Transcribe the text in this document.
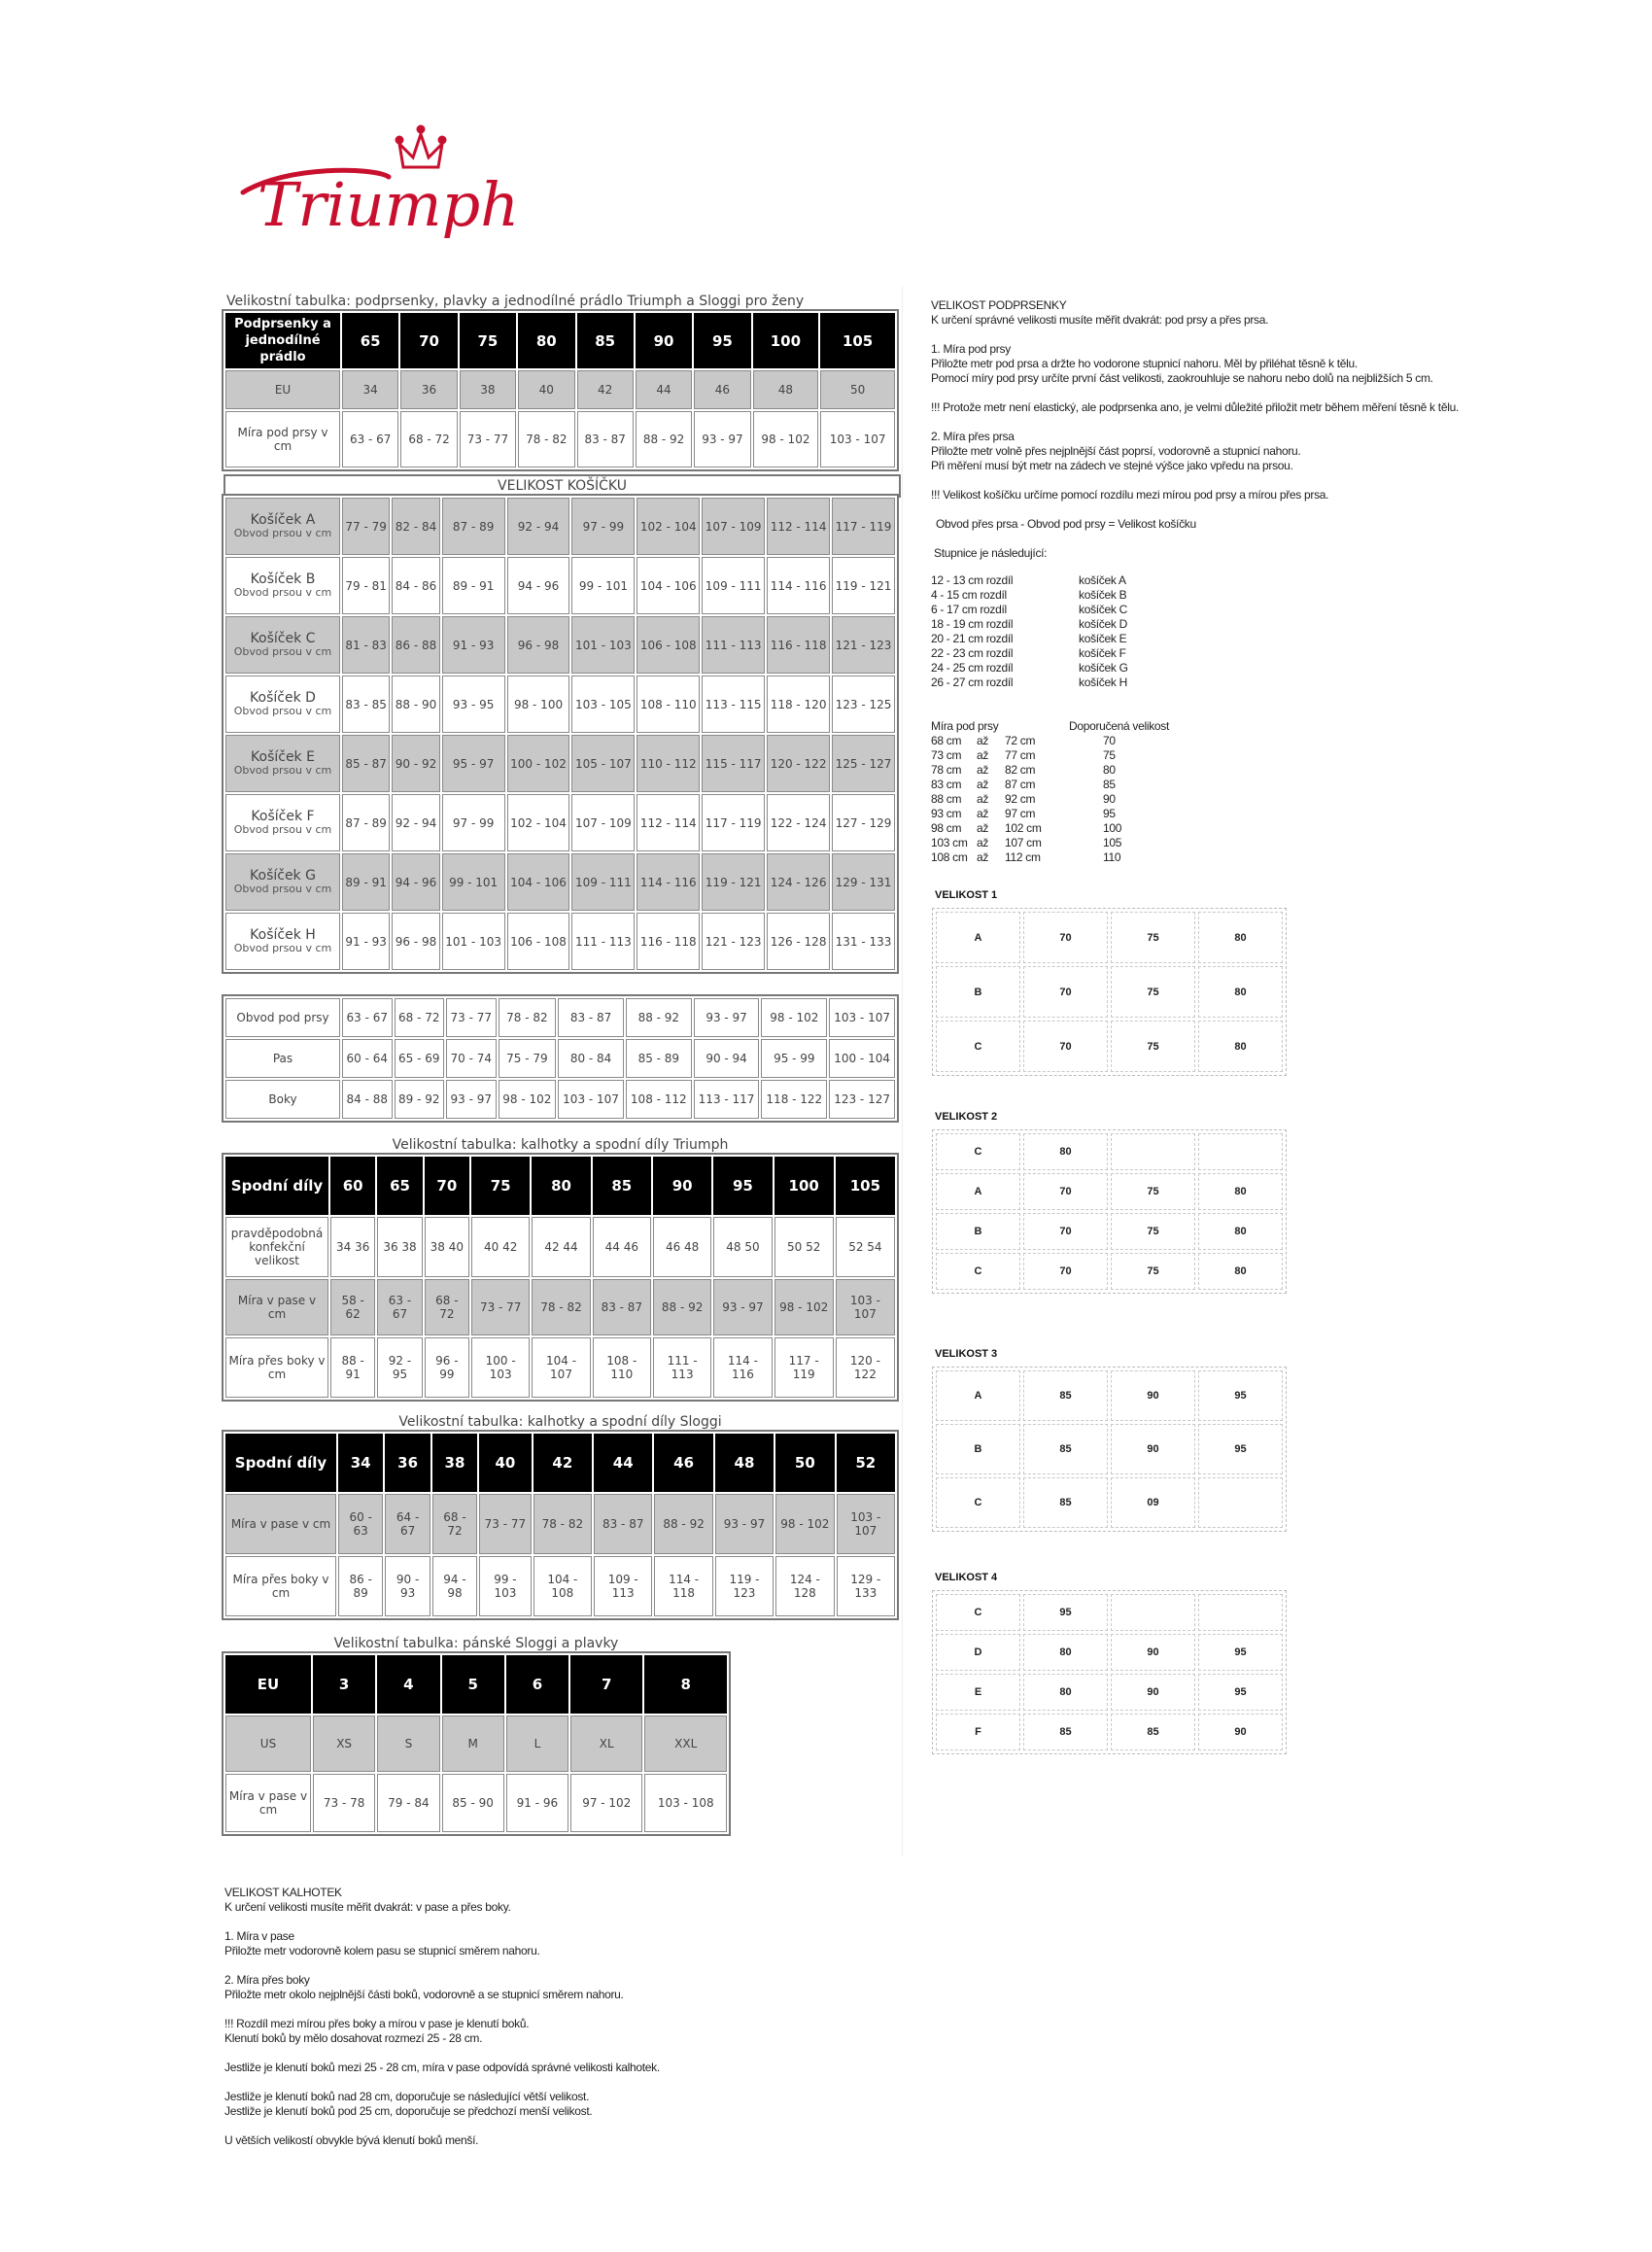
Triumph
Velikostní tabulka: podprsenky, plavky a jednodílné prádlo Triumph a Sloggi pro ženy
Podprsenky a jednodílné prádlo	65	70	75	80	85	90	95	100	105
EU	34	36	38	40	42	44	46	48	50
Míra pod prsy v cm	63 - 67	68 - 72	73 - 77	78 - 82	83 - 87	88 - 92	93 - 97	98 - 102	103 - 107
VELIKOST KOŠÍČKU
Košíček A
Obvod prsou v cm	77 - 79	82 - 84	87 - 89	92 - 94	97 - 99	102 - 104	107 - 109	112 - 114	117 - 119
Košíček B
Obvod prsou v cm	79 - 81	84 - 86	89 - 91	94 - 96	99 - 101	104 - 106	109 - 111	114 - 116	119 - 121
Košíček C
Obvod prsou v cm	81 - 83	86 - 88	91 - 93	96 - 98	101 - 103	106 - 108	111 - 113	116 - 118	121 - 123
Košíček D
Obvod prsou v cm	83 - 85	88 - 90	93 - 95	98 - 100	103 - 105	108 - 110	113 - 115	118 - 120	123 - 125
Košíček E
Obvod prsou v cm	85 - 87	90 - 92	95 - 97	100 - 102	105 - 107	110 - 112	115 - 117	120 - 122	125 - 127
Košíček F
Obvod prsou v cm	87 - 89	92 - 94	97 - 99	102 - 104	107 - 109	112 - 114	117 - 119	122 - 124	127 - 129
Košíček G
Obvod prsou v cm	89 - 91	94 - 96	99 - 101	104 - 106	109 - 111	114 - 116	119 - 121	124 - 126	129 - 131
Košíček H
Obvod prsou v cm	91 - 93	96 - 98	101 - 103	106 - 108	111 - 113	116 - 118	121 - 123	126 - 128	131 - 133
Obvod pod prsy	63 - 67	68 - 72	73 - 77	78 - 82	83 - 87	88 - 92	93 - 97	98 - 102	103 - 107
Pas	60 - 64	65 - 69	70 - 74	75 - 79	80 - 84	85 - 89	90 - 94	95 - 99	100 - 104
Boky	84 - 88	89 - 92	93 - 97	98 - 102	103 - 107	108 - 112	113 - 117	118 - 122	123 - 127
Velikostní tabulka: kalhotky a spodní díly Triumph
Spodní díly	60	65	70	75	80	85	90	95	100	105
pravděpodobná konfekční velikost	34 36	36 38	38 40	40 42	42 44	44 46	46 48	48 50	50 52	52 54
Míra v pase v cm	58 - 62	63 - 67	68 - 72	73 - 77	78 - 82	83 - 87	88 - 92	93 - 97	98 - 102	103 - 107
Míra přes boky v cm	88 - 91	92 - 95	96 - 99	100 - 103	104 - 107	108 - 110	111 - 113	114 - 116	117 - 119	120 - 122
Velikostní tabulka: kalhotky a spodní díly Sloggi
Spodní díly	34	36	38	40	42	44	46	48	50	52
Míra v pase v cm	60 - 63	64 - 67	68 - 72	73 - 77	78 - 82	83 - 87	88 - 92	93 - 97	98 - 102	103 - 107
Míra přes boky v cm	86 - 89	90 - 93	94 - 98	99 - 103	104 - 108	109 - 113	114 - 118	119 - 123	124 - 128	129 - 133
Velikostní tabulka: pánské Sloggi a plavky
EU	3	4	5	6	7	8
US	XS	S	M	L	XL	XXL
Míra v pase v cm	73 - 78	79 - 84	85 - 90	91 - 96	97 - 102	103 - 108

VELIKOST PODPRSENKY

K určení správné velikosti musíte měřit dvakrát: pod prsy a přes prsa.

1. Míra pod prsy

Přiložte metr pod prsa a držte ho vodorone stupnicí nahoru. Měl by přiléhat těsně k tělu.

Pomocí míry pod prsy určíte první část velikosti, zaokrouhluje se nahoru nebo dolů na nejbližších 5 cm.

!!! Protože metr není elastický, ale podprsenka ano, je velmi důležité přiložit metr během měření těsně k tělu.

2. Míra přes prsa

Přiložte metr volně přes nejplnější část poprsí, vodorovně a stupnicí nahoru.

Při měření musí být metr na zádech ve stejné výšce jako vpředu na prsou.

!!! Velikost košíčku určíme pomocí rozdílu mezi mírou pod prsy a mírou přes prsa.

Obvod přes prsa - Obvod pod prsy = Velikost košíčku

Stupnice je následující:

12 - 13 cm rozdíl	košíček A
4 - 15 cm rozdíl	košíček B
6 - 17 cm rozdíl	košíček C
18 - 19 cm rozdíl	košíček D
20 - 21 cm rozdíl	košíček E
22 - 23 cm rozdíl	košíček F
24 - 25 cm rozdíl	košíček G
26 - 27 cm rozdíl	košíček H
Míra pod prsy	Doporučená velikost
68 cm až 72 cm	70
73 cm až 77 cm	75
78 cm až 82 cm	80
83 cm až 87 cm	85
88 cm až 92 cm	90
93 cm až 97 cm	95
98 cm až 102 cm	100
103 cm až 107 cm	105
108 cm až 112 cm	110
VELIKOST 1
A	70	75	80
B	70	75	80
C	70	75	80
VELIKOST 2
C	80		
A	70	75	80
B	70	75	80
C	70	75	80
VELIKOST 3
A	85	90	95
B	85	90	95
C	85	09	
VELIKOST 4
C	95		
D	80	90	95
E	80	90	95
F	85	85	90

VELIKOST KALHOTEK

K určení velikosti musíte měřit dvakrát: v pase a přes boky.

1. Míra v pase

Přiložte metr vodorovně kolem pasu se stupnicí směrem nahoru.

2. Míra přes boky

Přiložte metr okolo nejplnější části boků, vodorovně a se stupnicí směrem nahoru.

!!! Rozdíl mezi mírou přes boky a mírou v pase je klenutí boků.

Klenutí boků by mělo dosahovat rozmezí 25 - 28 cm.

Jestliže je klenutí boků mezi 25 - 28 cm, míra v pase odpovídá správné velikosti kalhotek.

Jestliže je klenutí boků nad 28 cm, doporučuje se následující větší velikost.

Jestliže je klenutí boků pod 25 cm, doporučuje se předchozí menší velikost.

U větších velikostí obvykle bývá klenutí boků menší.
